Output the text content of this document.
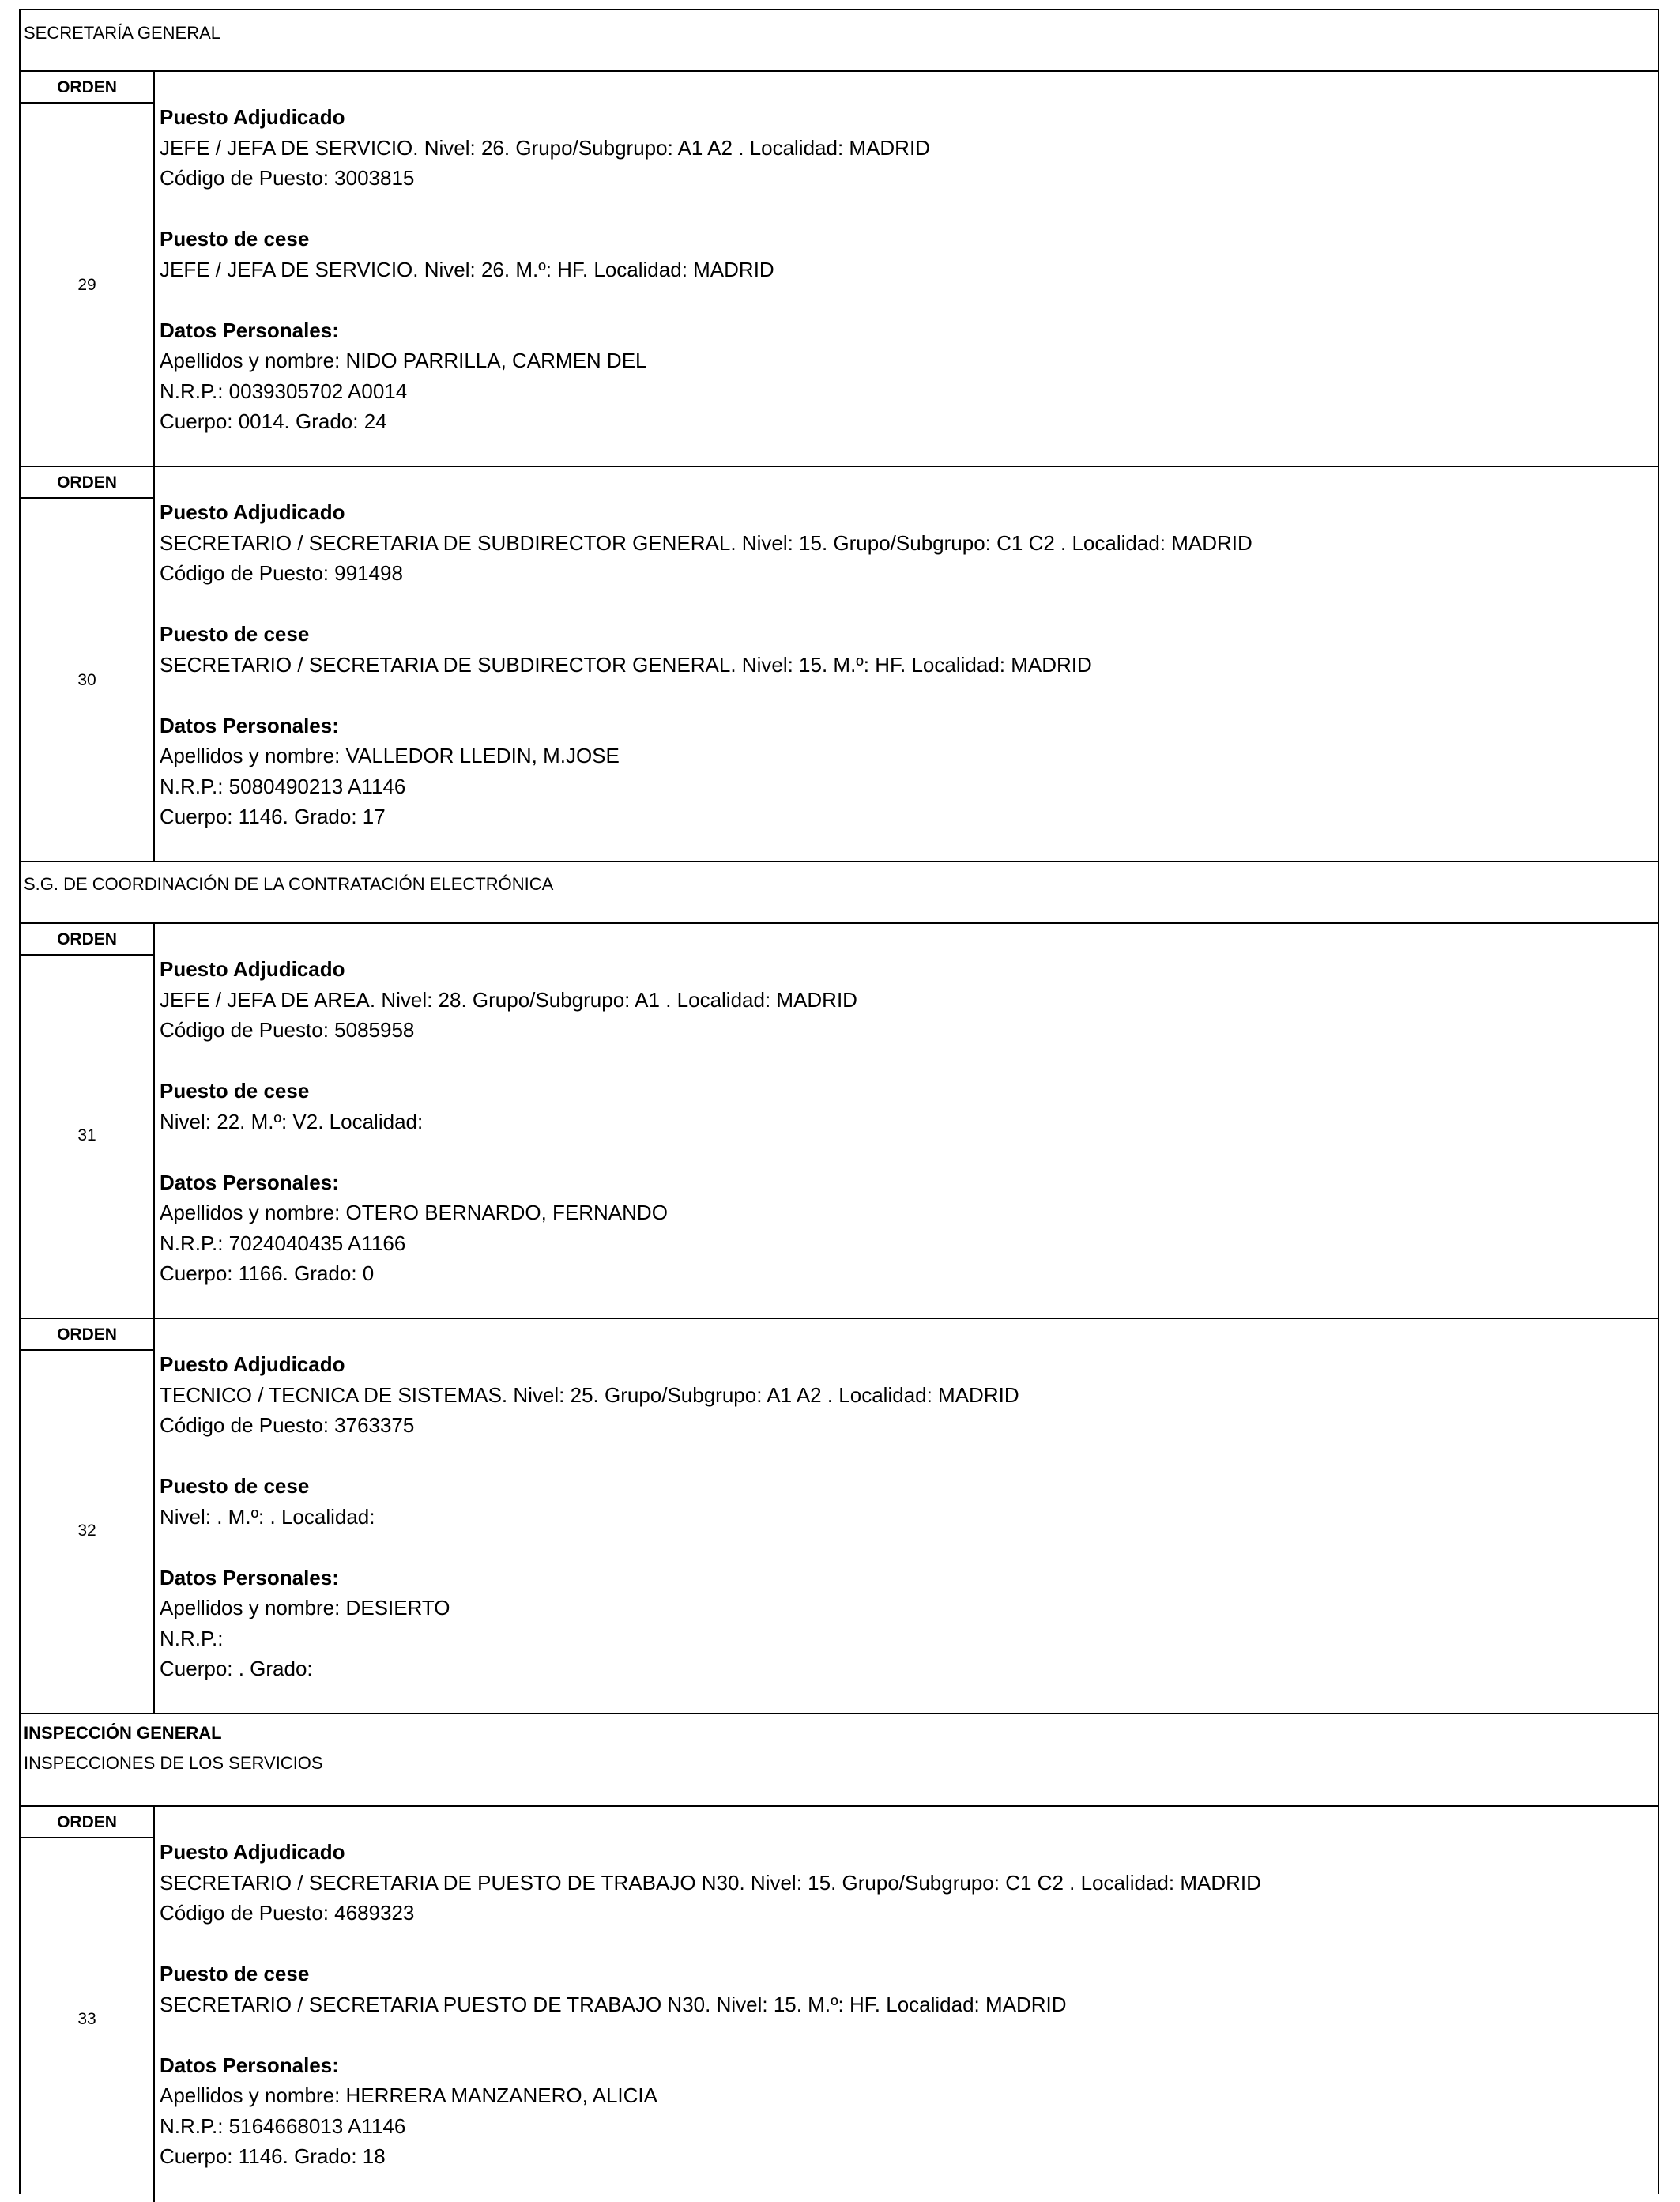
SECRETARÍA GENERAL
ORDEN
29
Puesto Adjudicado
JEFE / JEFA DE SERVICIO. Nivel: 26. Grupo/Subgrupo: A1 A2 . Localidad: MADRID
Código de Puesto: 3003815
Puesto de cese
JEFE / JEFA DE SERVICIO. Nivel: 26. M.º: HF. Localidad: MADRID
Datos Personales:
Apellidos y nombre: NIDO PARRILLA, CARMEN DEL
N.R.P.: 0039305702 A0014
Cuerpo: 0014. Grado: 24
ORDEN
30
Puesto Adjudicado
SECRETARIO / SECRETARIA DE SUBDIRECTOR GENERAL. Nivel: 15. Grupo/Subgrupo: C1 C2 . Localidad: MADRID
Código de Puesto: 991498
Puesto de cese
SECRETARIO / SECRETARIA DE SUBDIRECTOR GENERAL. Nivel: 15. M.º: HF. Localidad: MADRID
Datos Personales:
Apellidos y nombre: VALLEDOR LLEDIN, M.JOSE
N.R.P.: 5080490213 A1146
Cuerpo: 1146. Grado: 17
S.G. DE COORDINACIÓN DE LA CONTRATACIÓN ELECTRÓNICA
ORDEN
31
Puesto Adjudicado
JEFE / JEFA DE AREA. Nivel: 28. Grupo/Subgrupo: A1 . Localidad: MADRID
Código de Puesto: 5085958
Puesto de cese
Nivel: 22. M.º: V2. Localidad:
Datos Personales:
Apellidos y nombre: OTERO BERNARDO, FERNANDO
N.R.P.: 7024040435 A1166
Cuerpo: 1166. Grado: 0
ORDEN
32
Puesto Adjudicado
TECNICO / TECNICA DE SISTEMAS. Nivel: 25. Grupo/Subgrupo: A1 A2 . Localidad: MADRID
Código de Puesto: 3763375
Puesto de cese
Nivel: . M.º: . Localidad:
Datos Personales:
Apellidos y nombre: DESIERTO
N.R.P.:
Cuerpo: . Grado:
INSPECCIÓN GENERAL
INSPECCIONES DE LOS SERVICIOS
ORDEN
33
Puesto Adjudicado
SECRETARIO / SECRETARIA DE PUESTO DE TRABAJO N30. Nivel: 15. Grupo/Subgrupo: C1 C2 . Localidad: MADRID
Código de Puesto: 4689323
Puesto de cese
SECRETARIO / SECRETARIA PUESTO DE TRABAJO N30. Nivel: 15. M.º: HF. Localidad: MADRID
Datos Personales:
Apellidos y nombre: HERRERA MANZANERO, ALICIA
N.R.P.: 5164668013 A1146
Cuerpo: 1146. Grado: 18
